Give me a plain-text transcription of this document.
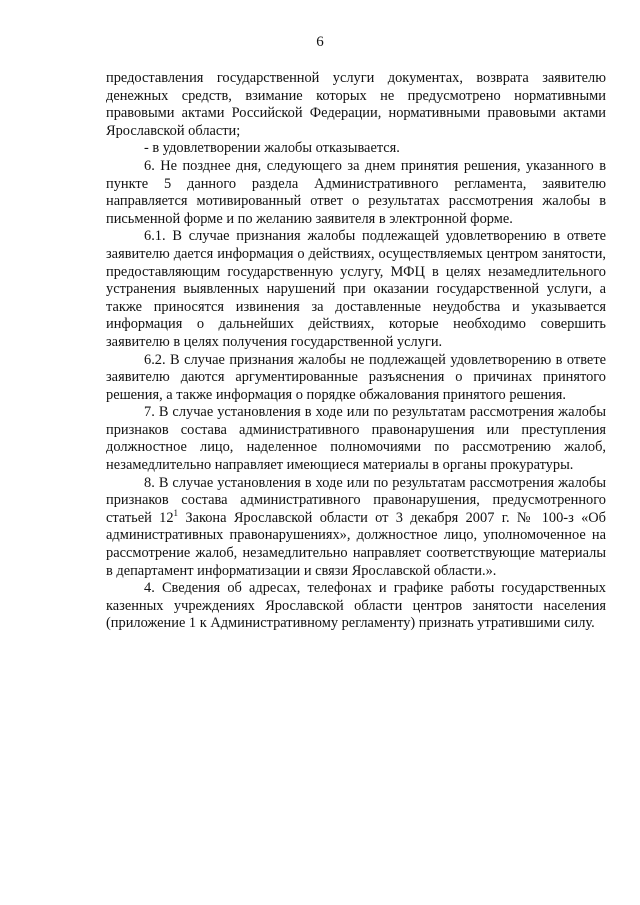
6

предоставления государственной услуги документах, возврата заявителю денежных средств, взимание которых не предусмотрено нормативными правовыми актами Российской Федерации, нормативными правовыми актами Ярославской области;

- в удовлетворении жалобы отказывается.

6. Не позднее дня, следующего за днем принятия решения, указанного в пункте 5 данного раздела Административного регламента, заявителю направляется мотивированный ответ о результатах рассмотрения жалобы в письменной форме и по желанию заявителя в электронной форме.

6.1. В случае признания жалобы подлежащей удовлетворению в ответе заявителю дается информация о действиях, осуществляемых центром занятости, предоставляющим государственную услугу, МФЦ в целях незамедлительного устранения выявленных нарушений при оказании государственной услуги, а также приносятся извинения за доставленные неудобства и указывается информация о дальнейших действиях, которые необходимо совершить заявителю в целях получения государственной услуги.

6.2. В случае признания жалобы не подлежащей удовлетворению в ответе заявителю даются аргументированные разъяснения о причинах принятого решения, а также информация о порядке обжалования принятого решения.

7. В случае установления в ходе или по результатам рассмотрения жалобы признаков состава административного правонарушения или преступления должностное лицо, наделенное полномочиями по рассмотрению жалоб, незамедлительно направляет имеющиеся материалы в органы прокуратуры.

8. В случае установления в ходе или по результатам рассмотрения жалобы признаков состава административного правонарушения, предусмотренного статьей $12^1$ Закона Ярославской области от 3 декабря 2007 г. № 100-з «Об административных правонарушениях», должностное лицо, уполномоченное на рассмотрение жалоб, незамедлительно направляет соответствующие материалы в департамент информатизации и связи Ярославской области.».

4. Сведения об адресах, телефонах и графике работы государственных казенных учреждениях Ярославской области центров занятости населения (приложение 1 к Административному регламенту) признать утратившими силу.
